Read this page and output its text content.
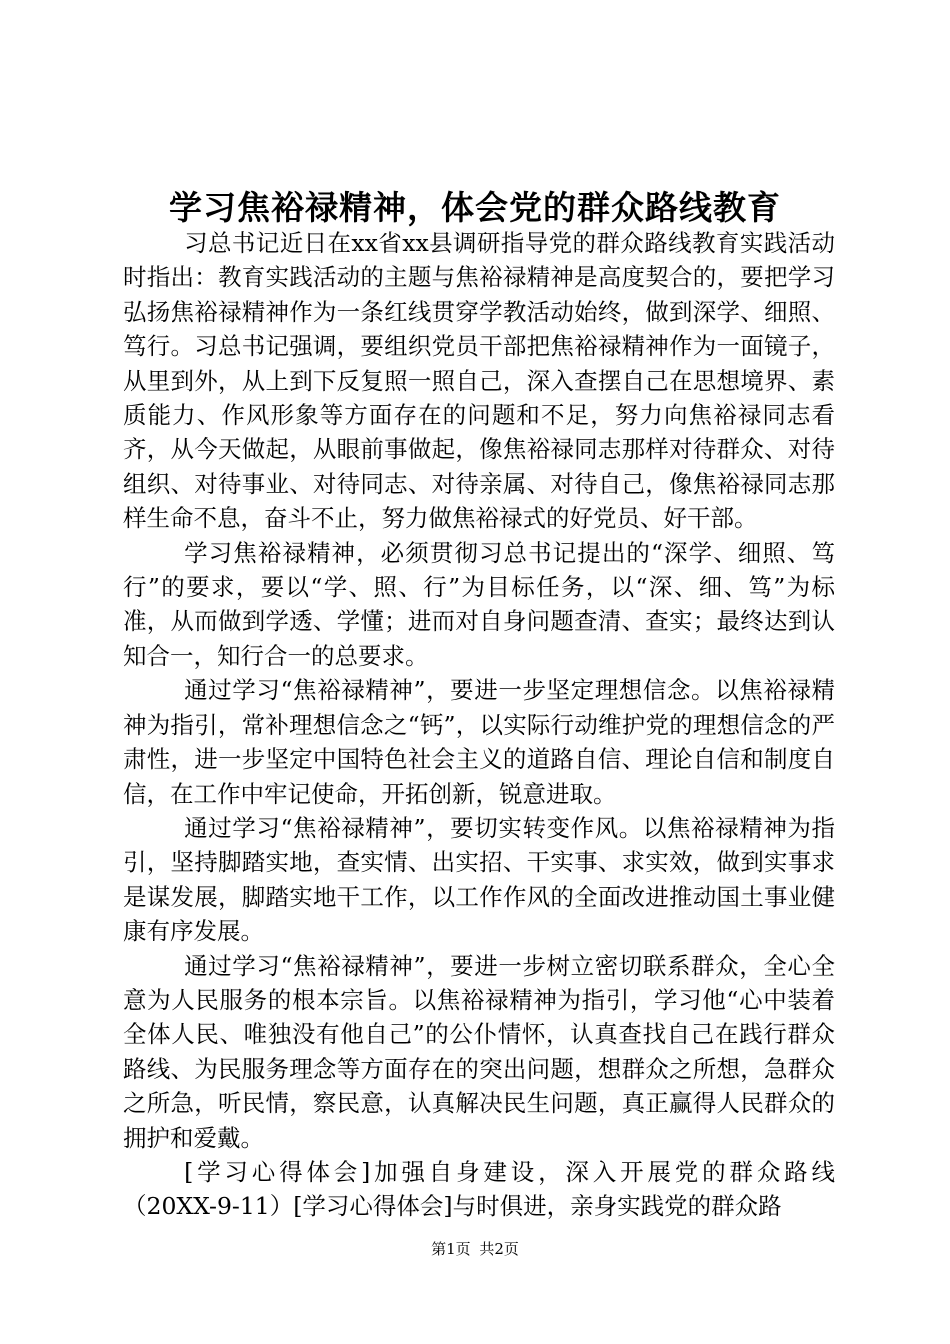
学习焦裕禄精神，体会党的群众路线教育

习总书记近日在xx省xx县调研指导党的群众路线教育实践活动时指出：教育实践活动的主题与焦裕禄精神是高度契合的，要把学习弘扬焦裕禄精神作为一条红线贯穿学教活动始终，做到深学、细照、笃行。习总书记强调，要组织党员干部把焦裕禄精神作为一面镜子，从里到外，从上到下反复照一照自己，深入查摆自己在思想境界、素质能力、作风形象等方面存在的问题和不足，努力向焦裕禄同志看齐，从今天做起，从眼前事做起，像焦裕禄同志那样对待群众、对待组织、对待事业、对待同志、对待亲属、对待自己，像焦裕禄同志那样生命不息，奋斗不止，努力做焦裕禄式的好党员、好干部。

学习焦裕禄精神，必须贯彻习总书记提出的“深学、细照、笃行”的要求，要以“学、照、行”为目标任务，以“深、细、笃”为标准，从而做到学透、学懂；进而对自身问题查清、查实；最终达到认知合一，知行合一的总要求。

通过学习“焦裕禄精神”，要进一步坚定理想信念。以焦裕禄精神为指引，常补理想信念之“钙”，以实际行动维护党的理想信念的严肃性，进一步坚定中国特色社会主义的道路自信、理论自信和制度自信，在工作中牢记使命，开拓创新，锐意进取。

通过学习“焦裕禄精神”，要切实转变作风。以焦裕禄精神为指引，坚持脚踏实地，查实情、出实招、干实事、求实效，做到实事求是谋发展，脚踏实地干工作，以工作作风的全面改进推动国土事业健康有序发展。

通过学习“焦裕禄精神”，要进一步树立密切联系群众，全心全意为人民服务的根本宗旨。以焦裕禄精神为指引，学习他“心中装着全体人民、唯独没有他自己”的公仆情怀，认真查找自己在践行群众路线、为民服务理念等方面存在的突出问题，想群众之所想，急群众之所急，听民情，察民意，认真解决民生问题，真正赢得人民群众的拥护和爱戴。

[学习心得体会]加强自身建设，深入开展党的群众路线（20XX-9-11）[学习心得体会]与时俱进，亲身实践党的群众路

第1页 共2页
